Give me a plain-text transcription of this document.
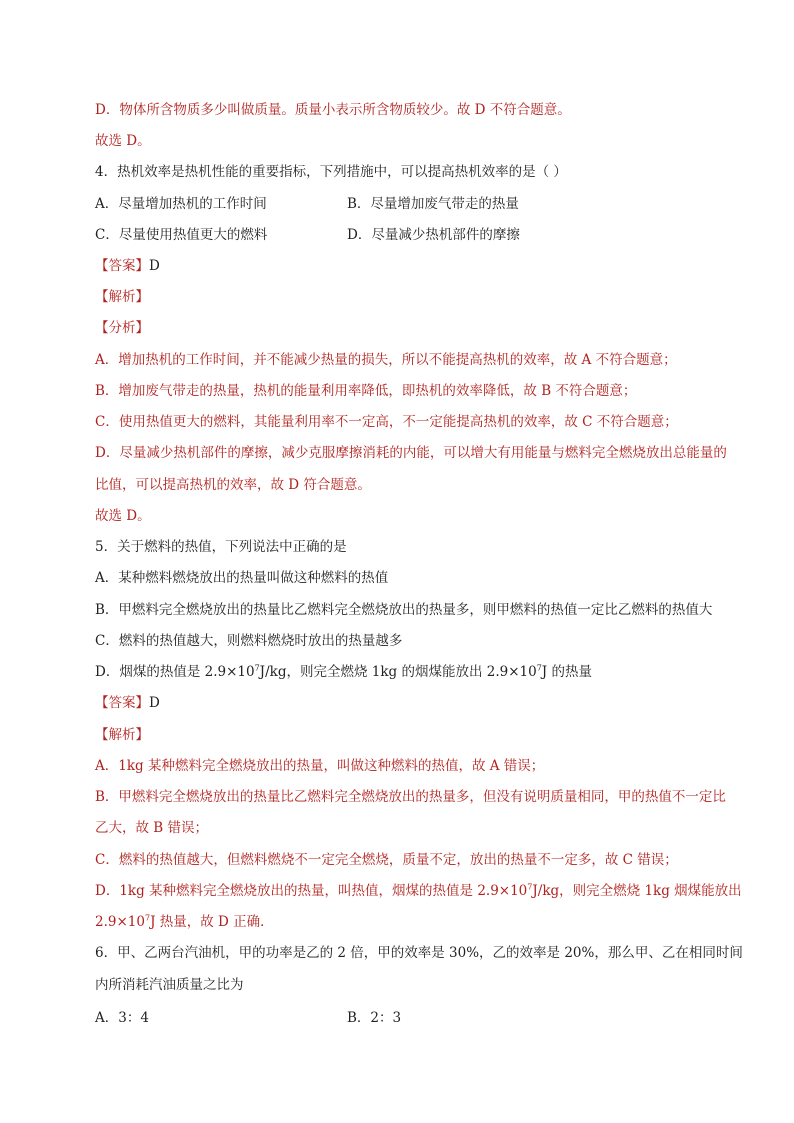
D．物体所含物质多少叫做质量。质量小表示所含物质较少。故 D 不符合题意。
故选 D。
4．热机效率是热机性能的重要指标，下列措施中，可以提高热机效率的是（ ）
A．尽量增加热机的工作时间	B．尽量增加废气带走的热量
C．尽量使用热值更大的燃料	D．尽量减少热机部件的摩擦
【答案】D
【解析】
【分析】
A．增加热机的工作时间，并不能减少热量的损失，所以不能提高热机的效率，故 A 不符合题意；
B．增加废气带走的热量，热机的能量利用率降低，即热机的效率降低，故 B 不符合题意；
C．使用热值更大的燃料，其能量利用率不一定高，不一定能提高热机的效率，故 C 不符合题意；
D．尽量减少热机部件的摩擦，减少克服摩擦消耗的内能，可以增大有用能量与燃料完全燃烧放出总能量的
比值，可以提高热机的效率，故 D 符合题意。
故选 D。
5．关于燃料的热值，下列说法中正确的是
A．某种燃料燃烧放出的热量叫做这种燃料的热值
B．甲燃料完全燃烧放出的热量比乙燃料完全燃烧放出的热量多，则甲燃料的热值一定比乙燃料的热值大
C．燃料的热值越大，则燃料燃烧时放出的热量越多
D．烟煤的热值是 $2.9\times 10^7J/kg$，则完全燃烧 1kg 的烟煤能放出 $2.9\times 10^7J$ 的热量
【答案】D
【解析】
A．1kg 某种燃料完全燃烧放出的热量，叫做这种燃料的热值，故 A 错误；
B．甲燃料完全燃烧放出的热量比乙燃料完全燃烧放出的热量多，但没有说明质量相同，甲的热值不一定比
乙大，故 B 错误；
C．燃料的热值越大，但燃料燃烧不一定完全燃烧，质量不定，放出的热量不一定多，故 C 错误；
D．1kg 某种燃料完全燃烧放出的热量，叫热值，烟煤的热值是 $2.9\times 10^7J/kg$，则完全燃烧 1kg 烟煤能放出
$2.9\times 10^7J$ 热量，故 D 正确．
6．甲、乙两台汽油机，甲的功率是乙的 2 倍，甲的效率是 30%，乙的效率是 20%，那么甲、乙在相同时间
内所消耗汽油质量之比为
A．3：4	B．2：3
